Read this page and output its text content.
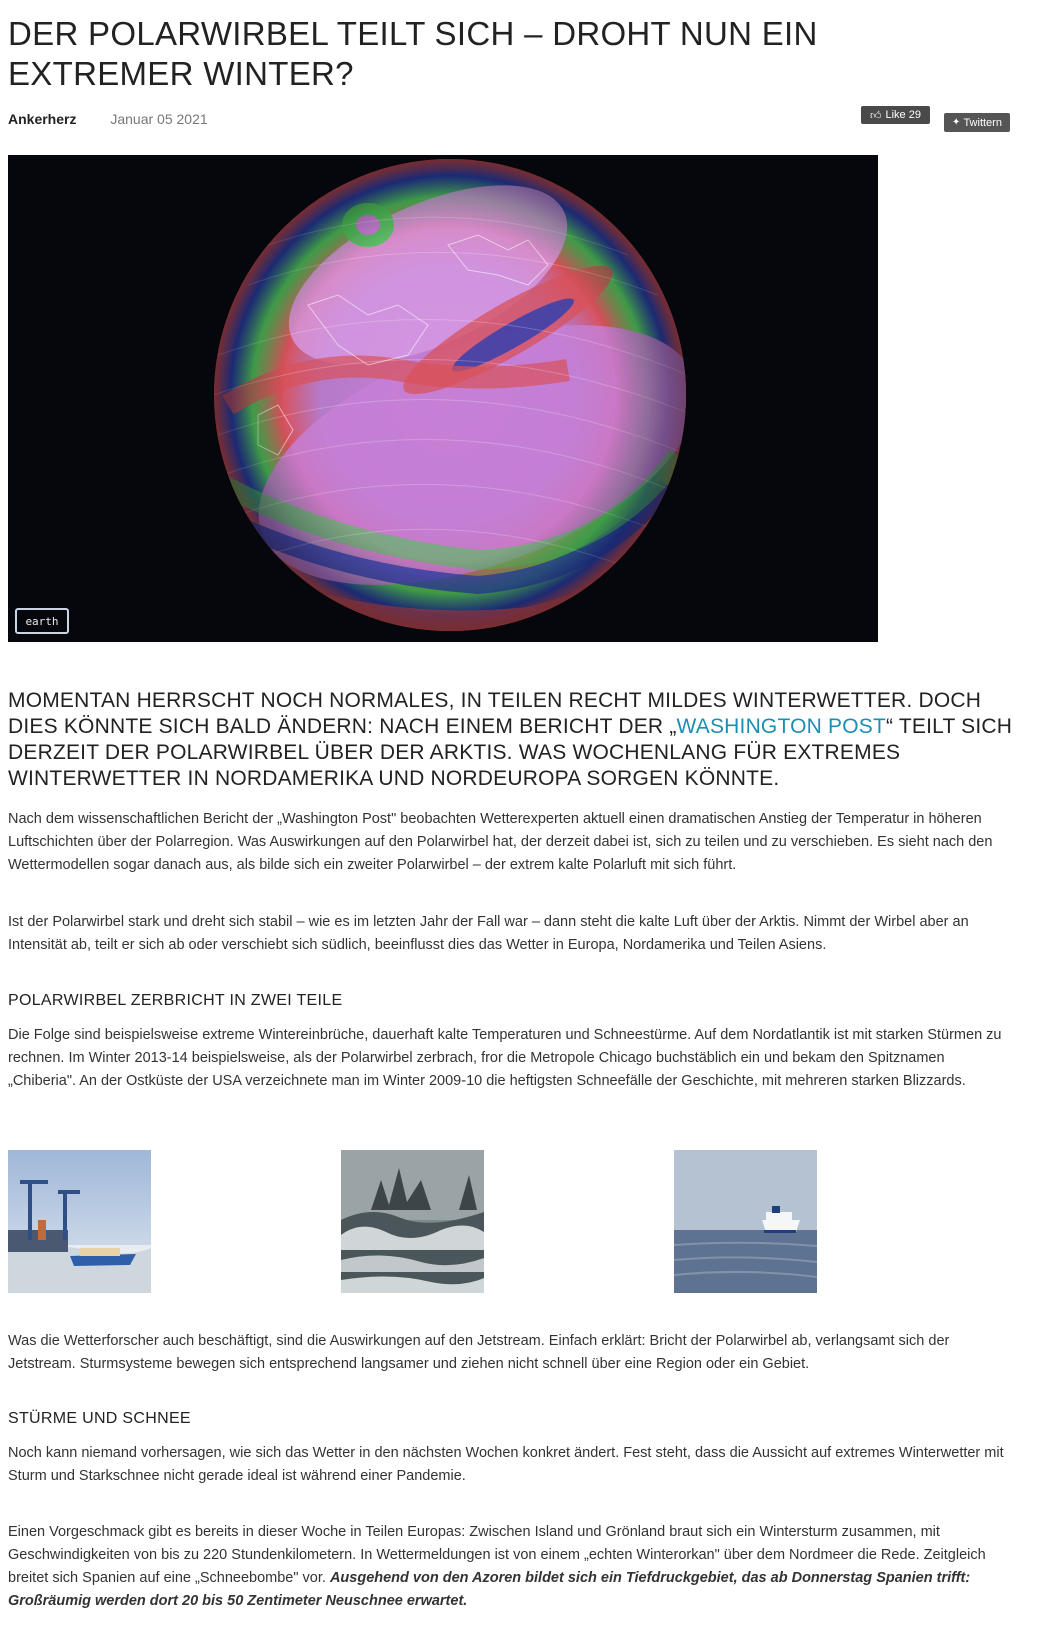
DER POLARWIRBEL TEILT SICH – DROHT NUN EIN EXTREMER WINTER?
Ankerherz Januar 05 2021	👍︎ Like 29
✦ Twittern
earth
MOMENTAN HERRSCHT NOCH NORMALES, IN TEILEN RECHT MILDES WINTERWETTER. DOCH DIES KÖNNTE SICH BALD ÄNDERN: NACH EINEM BERICHT DER „WASHINGTON POST“ TEILT SICH DERZEIT DER POLARWIRBEL ÜBER DER ARKTIS. WAS WOCHENLANG FÜR EXTREMES WINTERWETTER IN NORDAMERIKA UND NORDEUROPA SORGEN KÖNNTE.

Nach dem wissenschaftlichen Bericht der „Washington Post" beobachten Wetterexperten aktuell einen dramatischen Anstieg der Temperatur in höheren Luftschichten über der Polarregion. Was Auswirkungen auf den Polarwirbel hat, der derzeit dabei ist, sich zu teilen und zu verschieben. Es sieht nach den Wettermodellen sogar danach aus, als bilde sich ein zweiter Polarwirbel – der extrem kalte Polarluft mit sich führt.

Ist der Polarwirbel stark und dreht sich stabil – wie es im letzten Jahr der Fall war – dann steht die kalte Luft über der Arktis. Nimmt der Wirbel aber an Intensität ab, teilt er sich ab oder verschiebt sich südlich, beeinflusst dies das Wetter in Europa, Nordamerika und Teilen Asiens.

POLARWIRBEL ZERBRICHT IN ZWEI TEILE

Die Folge sind beispielsweise extreme Wintereinbrüche, dauerhaft kalte Temperaturen und Schneestürme. Auf dem Nordatlantik ist mit starken Stürmen zu rechnen. Im Winter 2013-14 beispielsweise, als der Polarwirbel zerbrach, fror die Metropole Chicago buchstäblich ein und bekam den Spitznamen „Chiberia". An der Ostküste der USA verzeichnete man im Winter 2009-10 die heftigsten Schneefälle der Geschichte, mit mehreren starken Blizzards.

Was die Wetterforscher auch beschäftigt, sind die Auswirkungen auf den Jetstream. Einfach erklärt: Bricht der Polarwirbel ab, verlangsamt sich der Jetstream. Sturmsysteme bewegen sich entsprechend langsamer und ziehen nicht schnell über eine Region oder ein Gebiet.

STÜRME UND SCHNEE

Noch kann niemand vorhersagen, wie sich das Wetter in den nächsten Wochen konkret ändert. Fest steht, dass die Aussicht auf extremes Winterwetter mit Sturm und Starkschnee nicht gerade ideal ist während einer Pandemie.

Einen Vorgeschmack gibt es bereits in dieser Woche in Teilen Europas: Zwischen Island und Grönland braut sich ein Wintersturm zusammen, mit Geschwindigkeiten von bis zu 220 Stundenkilometern. In Wettermeldungen ist von einem „echten Winterorkan" über dem Nordmeer die Rede. Zeitgleich breitet sich Spanien auf eine „Schneebombe" vor. Ausgehend von den Azoren bildet sich ein Tiefdruckgebiet, das ab Donnerstag Spanien trifft: Großräumig werden dort 20 bis 50 Zentimeter Neuschnee erwartet.
